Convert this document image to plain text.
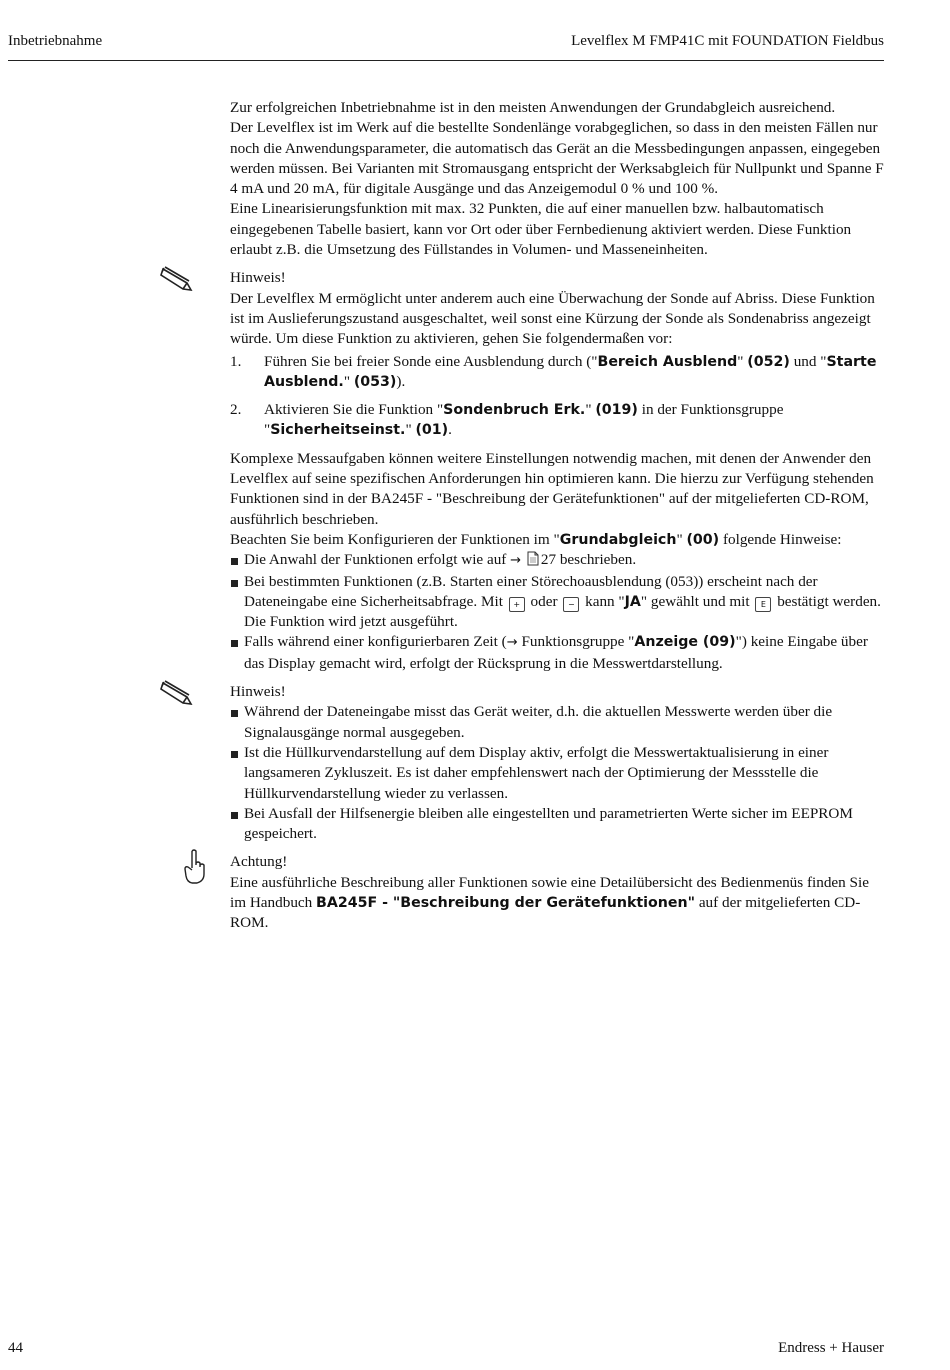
Inbetriebnahme	Levelflex M FMP41C mit FOUNDATION Fieldbus

Zur erfolgreichen Inbetriebnahme ist in den meisten Anwendungen der Grundabgleich ausreichend.

Der Levelflex ist im Werk auf die bestellte Sondenlänge vorabgeglichen, so dass in den meisten Fällen nur noch die Anwendungsparameter, die automatisch das Gerät an die Messbedingungen anpassen, eingegeben werden müssen. Bei Varianten mit Stromausgang entspricht der Werksabgleich für Nullpunkt und Spanne F 4 mA und 20 mA, für digitale Ausgänge und das Anzeigemodul 0 % und 100 %.

Eine Linearisierungsfunktion mit max. 32 Punkten, die auf einer manuellen bzw. halbautomatisch eingegebenen Tabelle basiert, kann vor Ort oder über Fernbedienung aktiviert werden. Diese Funktion erlaubt z.B. die Umsetzung des Füllstandes in Volumen- und Masseneinheiten.

Hinweis!

Der Levelflex M ermöglicht unter anderem auch eine Überwachung der Sonde auf Abriss. Diese Funktion ist im Auslieferungszustand ausgeschaltet, weil sonst eine Kürzung der Sonde als Sondenabriss angezeigt würde. Um diese Funktion zu aktivieren, gehen Sie folgendermaßen vor:

1. Führen Sie bei freier Sonde eine Ausblendung durch ("Bereich Ausblend" (052) und "Starte Ausblend." (053)).
2. Aktivieren Sie die Funktion "Sondenbruch Erk." (019) in der Funktionsgruppe "Sicherheitseinst." (01).

Komplexe Messaufgaben können weitere Einstellungen notwendig machen, mit denen der Anwender den Levelflex auf seine spezifischen Anforderungen hin optimieren kann. Die hierzu zur Verfügung stehenden Funktionen sind in der BA245F - "Beschreibung der Gerätefunktionen" auf der mitgelieferten CD-ROM, ausführlich beschrieben.

Beachten Sie beim Konfigurieren der Funktionen im "Grundabgleich" (00) folgende Hinweise:

Die Anwahl der Funktionen erfolgt wie auf → 27 beschrieben.
Bei bestimmten Funktionen (z.B. Starten einer Störechoausblendung (053)) erscheint nach der Dateneingabe eine Sicherheitsabfrage. Mit + oder − kann "JA" gewählt und mit E bestätigt werden. Die Funktion wird jetzt ausgeführt.
Falls während einer konfigurierbaren Zeit (→ Funktionsgruppe "Anzeige (09)") keine Eingabe über das Display gemacht wird, erfolgt der Rücksprung in die Messwertdarstellung.

Hinweis!

Während der Dateneingabe misst das Gerät weiter, d.h. die aktuellen Messwerte werden über die Signalausgänge normal ausgegeben.
Ist die Hüllkurvendarstellung auf dem Display aktiv, erfolgt die Messwertaktualisierung in einer langsameren Zykluszeit. Es ist daher empfehlenswert nach der Optimierung der Messstelle die Hüllkurvendarstellung wieder zu verlassen.
Bei Ausfall der Hilfsenergie bleiben alle eingestellten und parametrierten Werte sicher im EEPROM gespeichert.

Achtung!

Eine ausführliche Beschreibung aller Funktionen sowie eine Detailübersicht des Bedienmenüs finden Sie im Handbuch BA245F - "Beschreibung der Gerätefunktionen" auf der mitgelieferten CD-ROM.

44	Endress + Hauser
